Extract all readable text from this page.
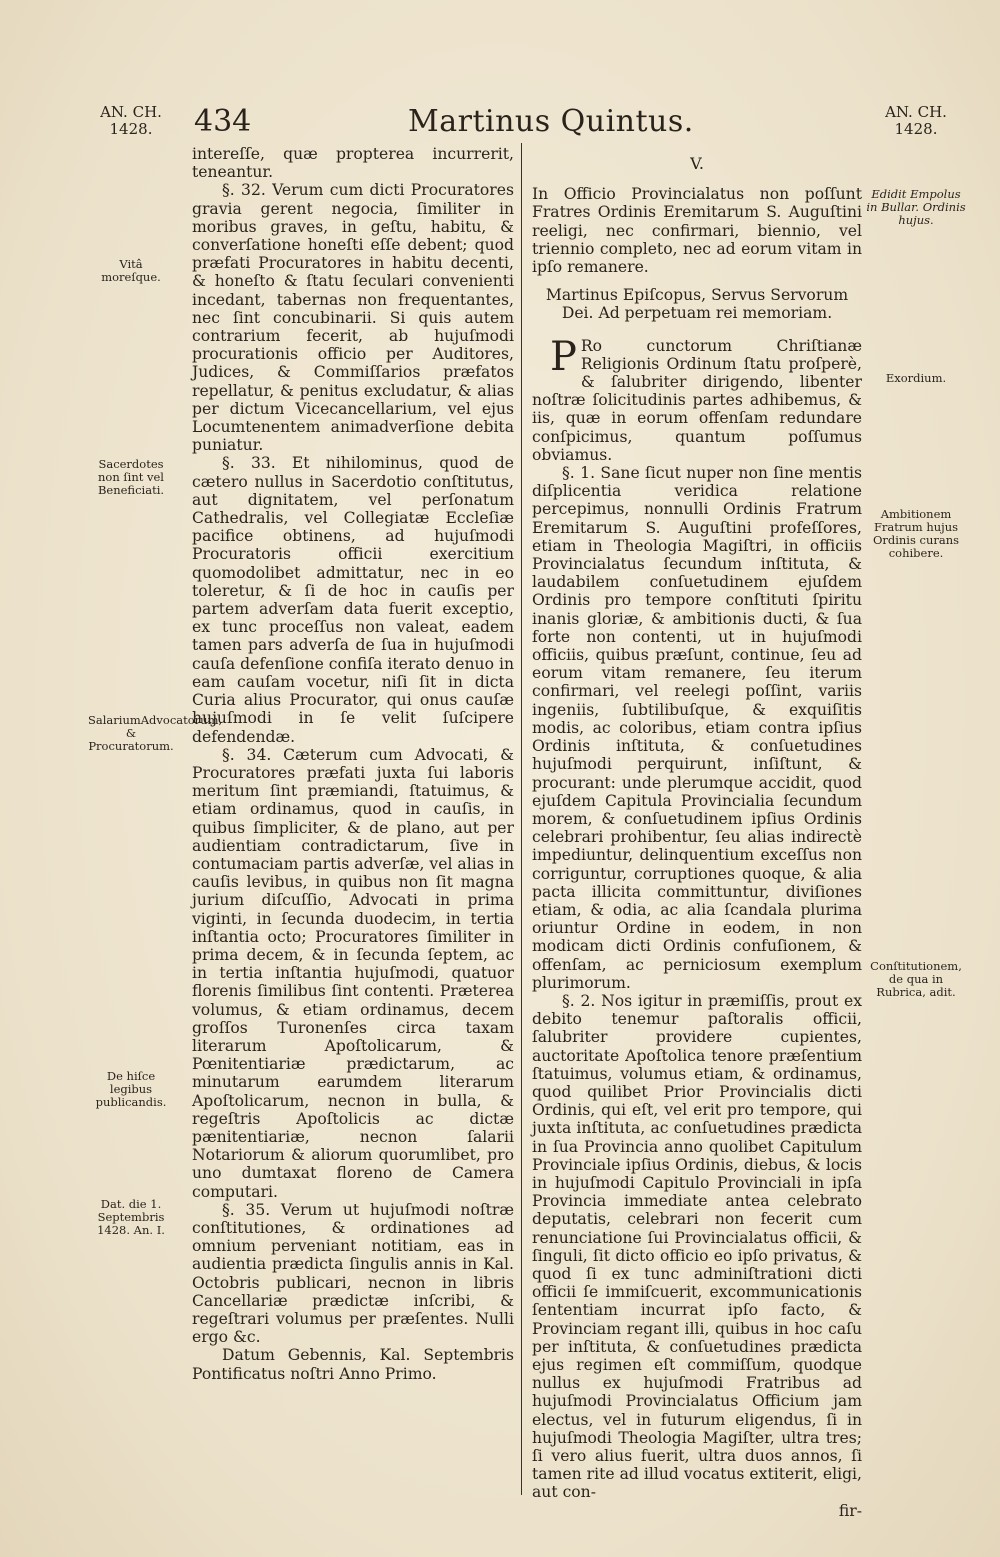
AN. CH.
1428.	434	Martinus Quintus.	AN. CH.
1428.

intereſſe, quæ propterea incurrerit, teneantur.

§. 32. Verum cum dicti Procuratores gravia gerent negocia, ſimiliter in moribus graves, in geſtu, habitu, & converſatione honeſti eſſe debent; quod præfati Procuratores in habitu decenti, & honeſto & ſtatu ſeculari convenienti incedant, tabernas non frequentantes, nec ſint concubinarii. Si quis autem contrarium fecerit, ab hujuſmodi procurationis officio per Auditores, Judices, & Commiſſarios præfatos repellatur, & penitus excludatur, & alias per dictum Vicecancellarium, vel ejus Locumtenentem animadverſione debita puniatur.

§. 33. Et nihilominus, quod de cætero nullus in Sacerdotio conſtitutus, aut dignitatem, vel perſonatum Cathedralis, vel Collegiatæ Eccleſiæ pacifice obtinens, ad hujuſmodi Procuratoris officii exercitium quomodolibet admittatur, nec in eo toleretur, & ſi de hoc in cauſis per partem adverſam data fuerit exceptio, ex tunc proceſſus non valeat, eadem tamen pars adverſa de ſua in hujuſmodi cauſa defenſione confiſa iterato denuo in eam cauſam vocetur, niſi ſit in dicta Curia alius Procurator, qui onus cauſæ hujuſmodi in ſe velit ſuſcipere defendendæ.

§. 34. Cæterum cum Advocati, & Procuratores præfati juxta ſui laboris meritum ſint præmiandi, ſtatuimus, & etiam ordinamus, quod in cauſis, in quibus ſimpliciter, & de plano, aut per audientiam contradictarum, ſive in contumaciam partis adverſæ, vel alias in cauſis levibus, in quibus non ſit magna jurium diſcuſſio, Advocati in prima viginti, in ſecunda duodecim, in tertia inſtantia octo; Procuratores ſimiliter in prima decem, & in ſecunda ſeptem, ac in tertia inſtantia hujuſmodi, quatuor florenis ſimilibus ſint contenti. Præterea volumus, & etiam ordinamus, decem groſſos Turonenſes circa taxam literarum Apoſtolicarum, & Pœnitentiariæ prædictarum, ac minutarum earumdem literarum Apoſtolicarum, necnon in bulla, & regeſtris Apoſtolicis ac dictæ pænitentiariæ, necnon ſalarii Notariorum & aliorum quorumlibet, pro uno dumtaxat floreno de Camera computari.

§. 35. Verum ut hujuſmodi noſtræ conſtitutiones, & ordinationes ad omnium perveniant notitiam, eas in audientia prædicta ſingulis annis in Kal. Octobris publicari, necnon in libris Cancellariæ prædictæ inſcribi, & regeſtrari volumus per præſentes. Nulli ergo &c.

Datum Gebennis, Kal. Septembris Pontificatus noſtri Anno Primo.

V.

In Officio Provincialatus non poſſunt Fratres Ordinis Eremitarum S. Auguſtini reeligi, nec confirmari, biennio, vel triennio completo, nec ad eorum vitam in ipſo remanere.

Martinus Epiſcopus, Servus Servorum Dei. Ad perpetuam rei memoriam.

P Ro cunctorum Chriſtianæ Religionis Ordinum ſtatu proſperè, & ſalubriter dirigendo, libenter noſtræ ſolicitudinis partes adhibemus, & iis, quæ in eorum offenſam redundare conſpicimus, quantum poſſumus obviamus.

§. 1. Sane ſicut nuper non ſine mentis diſplicentia veridica relatione percepimus, nonnulli Ordinis Fratrum Eremitarum S. Auguſtini profeſſores, etiam in Theologia Magiſtri, in officiis Provincialatus ſecundum inſtituta, & laudabilem conſuetudinem ejuſdem Ordinis pro tempore conſtituti ſpiritu inanis gloriæ, & ambitionis ducti, & ſua forte non contenti, ut in hujuſmodi officiis, quibus præſunt, continue, ſeu ad eorum vitam remanere, ſeu iterum confirmari, vel reelegi poſſint, variis ingeniis, ſubtilibuſque, & exquiſitis modis, ac coloribus, etiam contra ipſius Ordinis inſtituta, & conſuetudines hujuſmodi perquirunt, inſiſtunt, & procurant: unde plerumque accidit, quod ejuſdem Capitula Provincialia ſecundum morem, & conſuetudinem ipſius Ordinis celebrari prohibentur, ſeu alias indirectè impediuntur, delinquentium exceſſus non corriguntur, corruptiones quoque, & alia pacta illicita committuntur, diviſiones etiam, & odia, ac alia ſcandala plurima oriuntur Ordine in eodem, in non modicam dicti Ordinis confuſionem, & offenſam, ac perniciosum exemplum plurimorum.

§. 2. Nos igitur in præmiſſis, prout ex debito tenemur paſtoralis officii, ſalubriter providere cupientes, auctoritate Apoſtolica tenore præſentium ſtatuimus, volumus etiam, & ordinamus, quod quilibet Prior Provincialis dicti Ordinis, qui eſt, vel erit pro tempore, qui juxta inſtituta, ac conſuetudines prædicta in ſua Provincia anno quolibet Capitulum Provinciale ipſius Ordinis, diebus, & locis in hujuſmodi Capitulo Provinciali in ipſa Provincia immediate antea celebrato deputatis, celebrari non fecerit cum renunciatione ſui Provincialatus officii, & ſinguli, ſit dicto officio eo ipſo privatus, & quod ſi ex tunc adminiſtrationi dicti officii ſe immiſcuerit, excommunicationis ſententiam incurrat ipſo facto, & Provinciam regant illi, quibus in hoc caſu per inſtituta, & conſuetudines prædicta ejus regimen eſt commiſſum, quodque nullus ex hujuſmodi Fratribus ad hujuſmodi Provincialatus Officium jam electus, vel in futurum eligendus, ſi in hujuſmodi Theologia Magiſter, ultra tres; ſi vero alius fuerit, ultra duos annos, ſi tamen rite ad illud vocatus extiterit, eligi, aut con-

fir-

Vitâ moreſque.
Sacerdotes non ſint vel Beneficiati.
SalariumAdvocatorum, & Procuratorum.
De hiſce legibus publicandis.
Dat. die 1. Septembris 1428. An. I.
Edidit Empolus in Bullar. Ordinis hujus.
Exordium.
Ambitionem Fratrum hujus Ordinis curans cohibere.
Conſtitutionem, de qua in Rubrica, adit.
